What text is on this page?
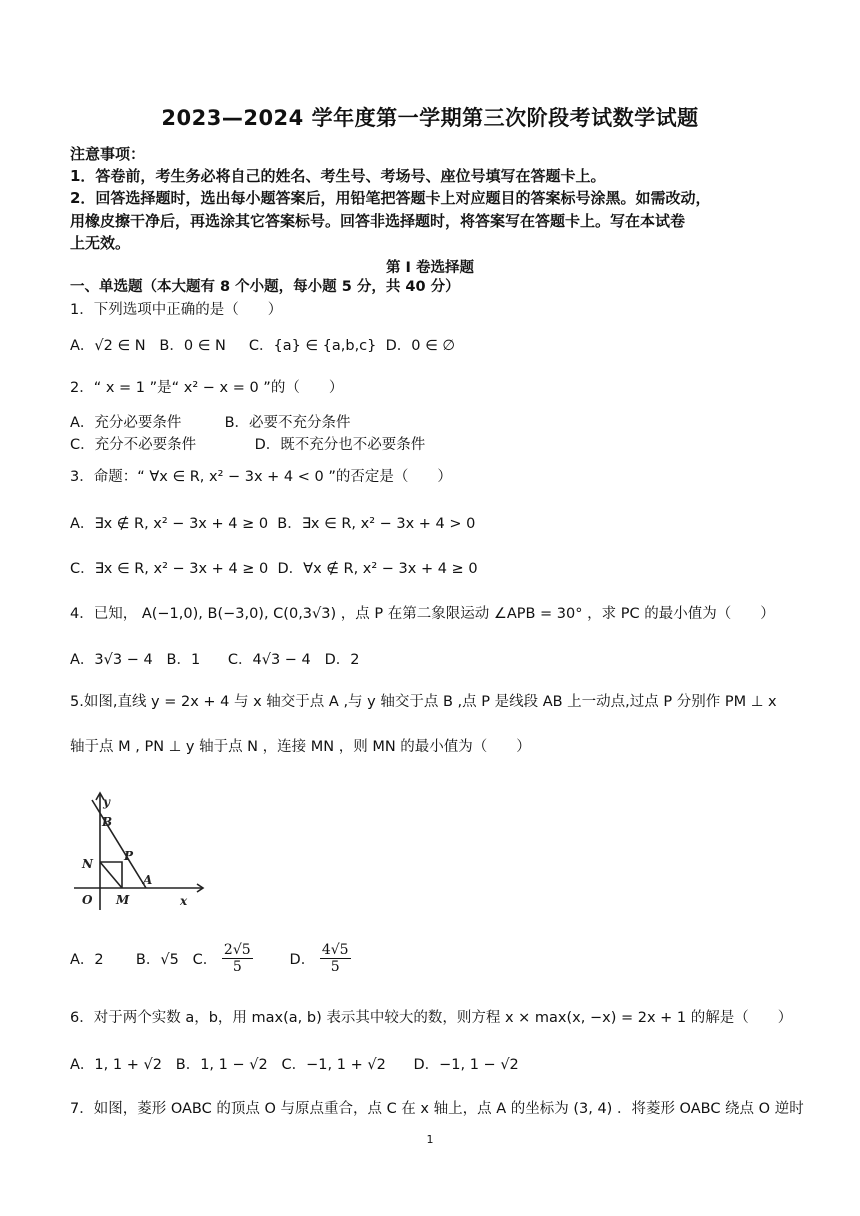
2023—2024 学年度第一学期第三次阶段考试数学试题
注意事项：
1．答卷前，考生务必将自己的姓名、考生号、考场号、座位号填写在答题卡上。
2．回答选择题时，选出每小题答案后，用铅笔把答题卡上对应题目的答案标号涂黑。如需改动，
用橡皮擦干净后，再选涂其它答案标号。回答非选择题时，将答案写在答题卡上。写在本试卷
上无效。
第 I 卷选择题
一、单选题（本大题有 8 个小题，每小题 5 分，共 40 分）
1．下列选项中正确的是（　　）
A．√2 ∈ N B．0 ∈ N C．{a} ∈ {a,b,c} D．0 ∈ ∅
2．“ x = 1 ”是“ x² − x = 0 ”的（　　）
A．充分必要条件	B．必要不充分条件
C．充分不必要条件	D．既不充分也不必要条件
3．命题：“ ∀x ∈ R, x² − 3x + 4 < 0 ”的否定是（　　）
A．∃x ∉ R, x² − 3x + 4 ≥ 0 B．∃x ∈ R, x² − 3x + 4 > 0
C．∃x ∈ R, x² − 3x + 4 ≥ 0 D．∀x ∉ R, x² − 3x + 4 ≥ 0
4．已知， A(−1,0), B(−3,0), C(0,3√3) ，点 P 在第二象限运动 ∠APB = 30° ，求 PC 的最小值为（　　）
A．3√3 − 4 B．1 C．4√3 − 4 D．2
5.如图,直线 y = 2x + 4 与 x 轴交于点 A ,与 y 轴交于点 B ,点 P 是线段 AB 上一动点,过点 P 分别作 PM ⊥ x
轴于点 M , PN ⊥ y 轴于点 N ，连接 MN ，则 MN 的最小值为（　　）
y
B
P
N
A
O M	x
A．2 B．√5 C． $\frac{2√5}{5}$	D． $\frac{4√5}{5}$
6．对于两个实数 a，b，用 max(a, b) 表示其中较大的数，则方程 x × max(x, −x) = 2x + 1 的解是（　　）
A．1, 1 + √2 B．1, 1 − √2 C．−1, 1 + √2 D．−1, 1 − √2
7．如图，菱形 OABC 的顶点 O 与原点重合，点 C 在 x 轴上，点 A 的坐标为 (3, 4) ．将菱形 OABC 绕点 O 逆时
1
